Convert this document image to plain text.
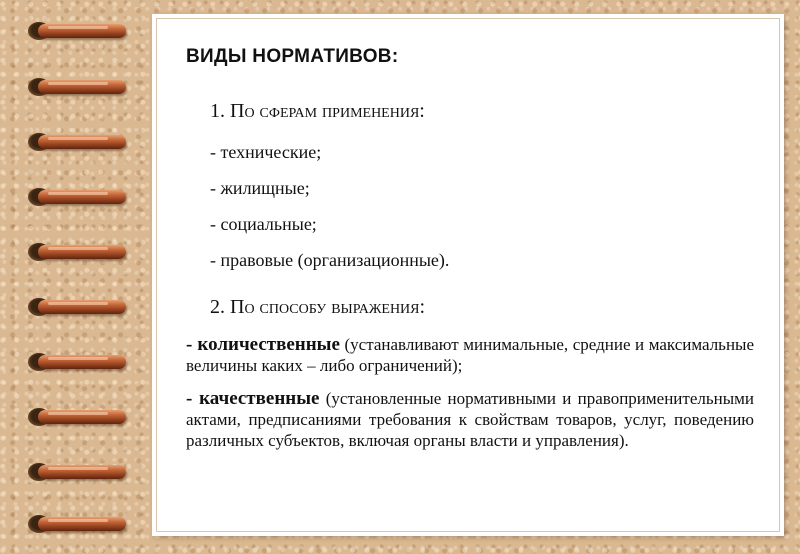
ВИДЫ НОРМАТИВОВ:
1. По сферам применения:
- технические;
- жилищные;
- социальные;
- правовые (организационные).
2. По способу выражения:

- количественные (устанавливают минимальные, средние и максимальные величины каких – либо ограничений);

- качественные (установленные нормативными и правоприменительными актами, предписаниями требования к свойствам товаров, услуг, поведению различных субъектов, включая органы власти и управления).
